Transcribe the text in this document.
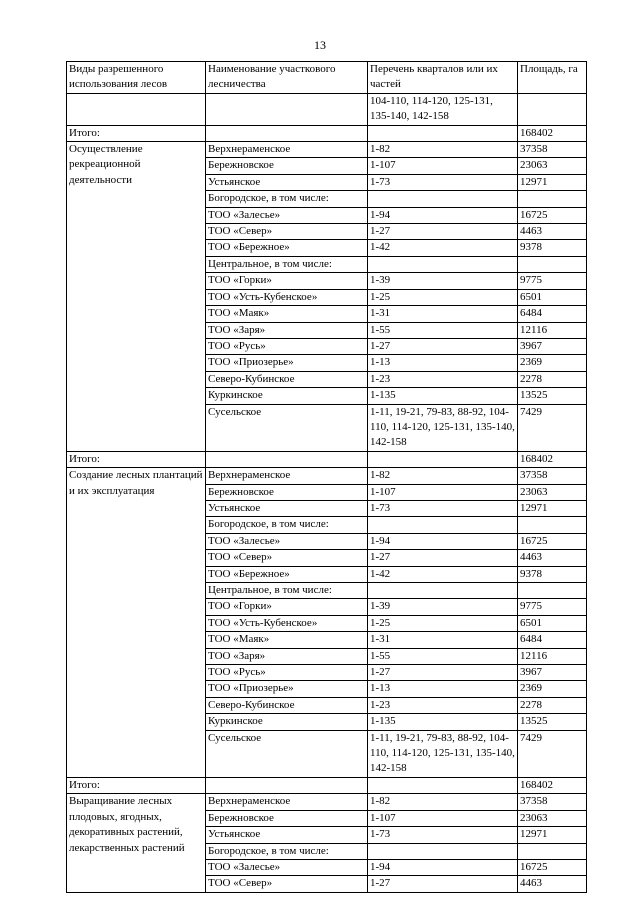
13
Виды разрешенного использования лесов	Наименование участкового лесничества	Перечень кварталов или их частей	Площадь, га
		104-110, 114-120, 125-131, 135-140, 142-158	
Итого:			168402
Осуществление рекреационной деятельности	Верхнераменское	1-82	37358
	Бережновское	1-107	23063
	Устьянское	1-73	12971
	Богородское, в том числе:		
	ТОО «Залесье»	1-94	16725
	ТОО «Север»	1-27	4463
	ТОО «Бережное»	1-42	9378
	Центральное, в том числе:		
	ТОО «Горки»	1-39	9775
	ТОО «Усть-Кубенское»	1-25	6501
	ТОО «Маяк»	1-31	6484
	ТОО «Заря»	1-55	12116
	ТОО «Русь»	1-27	3967
	ТОО «Приозерье»	1-13	2369
	Северо-Кубинское	1-23	2278
	Куркинское	1-135	13525
	Сусельское	1-11, 19-21, 79-83, 88-92, 104-110, 114-120, 125-131, 135-140, 142-158	7429
Итого:			168402
Создание лесных плантаций и их эксплуатация	Верхнераменское	1-82	37358
	Бережновское	1-107	23063
	Устьянское	1-73	12971
	Богородское, в том числе:		
	ТОО «Залесье»	1-94	16725
	ТОО «Север»	1-27	4463
	ТОО «Бережное»	1-42	9378
	Центральное, в том числе:		
	ТОО «Горки»	1-39	9775
	ТОО «Усть-Кубенское»	1-25	6501
	ТОО «Маяк»	1-31	6484
	ТОО «Заря»	1-55	12116
	ТОО «Русь»	1-27	3967
	ТОО «Приозерье»	1-13	2369
	Северо-Кубинское	1-23	2278
	Куркинское	1-135	13525
	Сусельское	1-11, 19-21, 79-83, 88-92, 104-110, 114-120, 125-131, 135-140, 142-158	7429
Итого:			168402
Выращивание лесных плодовых, ягодных, декоративных растений, лекарственных растений	Верхнераменское	1-82	37358
	Бережновское	1-107	23063
	Устьянское	1-73	12971
	Богородское, в том числе:		
	ТОО «Залесье»	1-94	16725
	ТОО «Север»	1-27	4463
